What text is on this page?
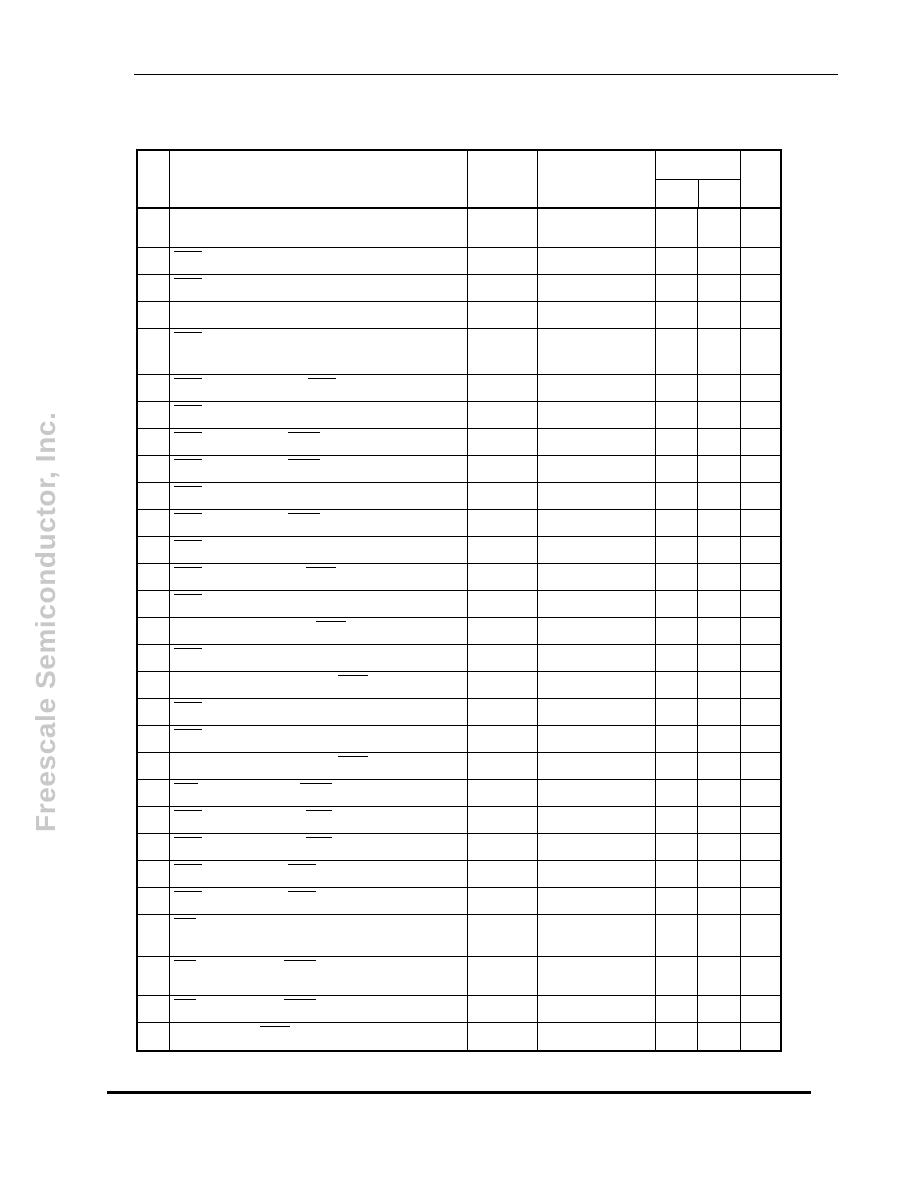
Freescale Semiconductor, Inc.
